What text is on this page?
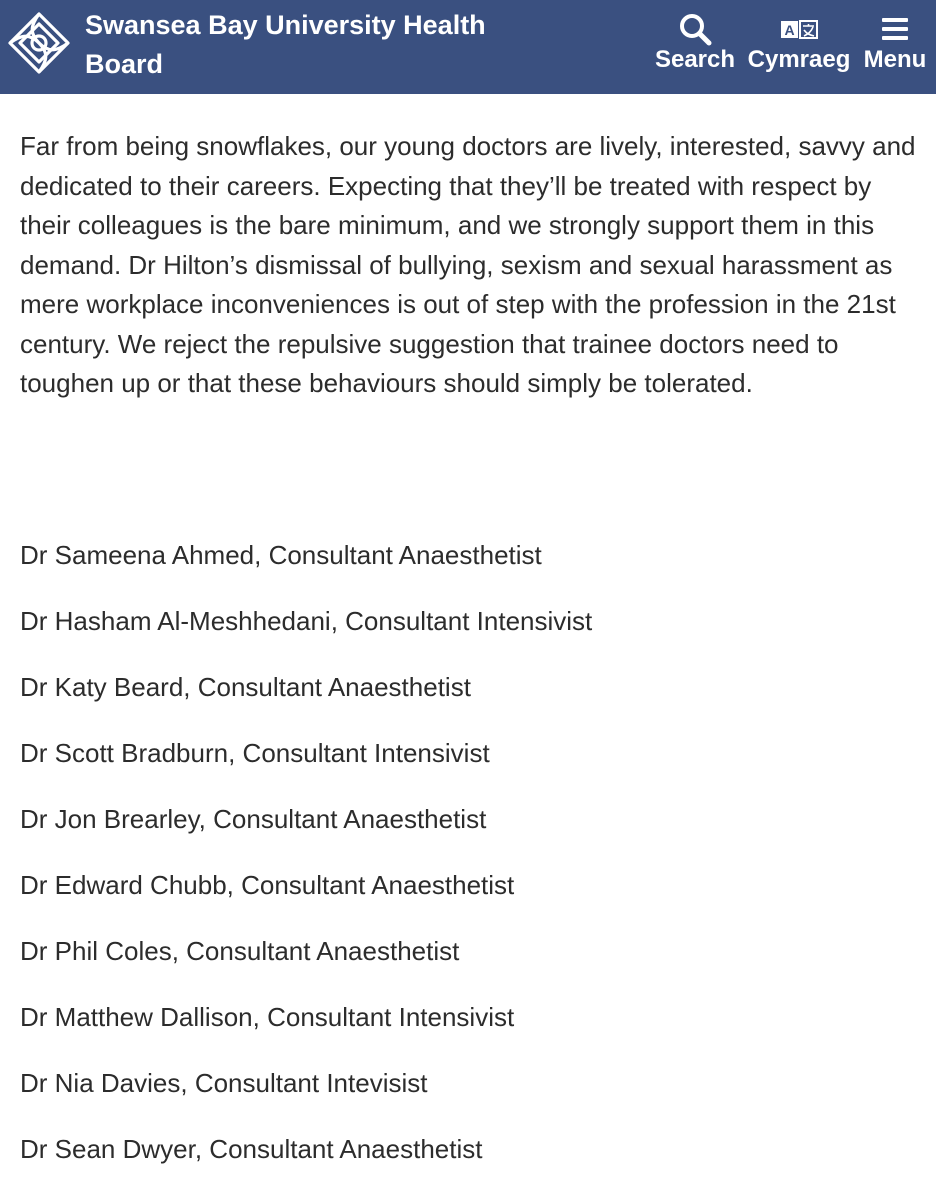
Swansea Bay University Health
Board	Search
A
Cymraeg Menu

Far from being snowflakes, our young doctors are lively, interested, savvy and dedicated to their careers. Expecting that they’ll be treated with respect by their colleagues is the bare minimum, and we strongly support them in this demand. Dr Hilton’s dismissal of bullying, sexism and sexual harassment as mere workplace inconveniences is out of step with the profession in the 21st century. We reject the repulsive suggestion that trainee doctors need to toughen up or that these behaviours should simply be tolerated.

Dr Sameena Ahmed, Consultant Anaesthetist
Dr Hasham Al-Meshhedani, Consultant Intensivist
Dr Katy Beard, Consultant Anaesthetist
Dr Scott Bradburn, Consultant Intensivist
Dr Jon Brearley, Consultant Anaesthetist
Dr Edward Chubb, Consultant Anaesthetist
Dr Phil Coles, Consultant Anaesthetist
Dr Matthew Dallison, Consultant Intensivist
Dr Nia Davies, Consultant Intevisist
Dr Sean Dwyer, Consultant Anaesthetist
